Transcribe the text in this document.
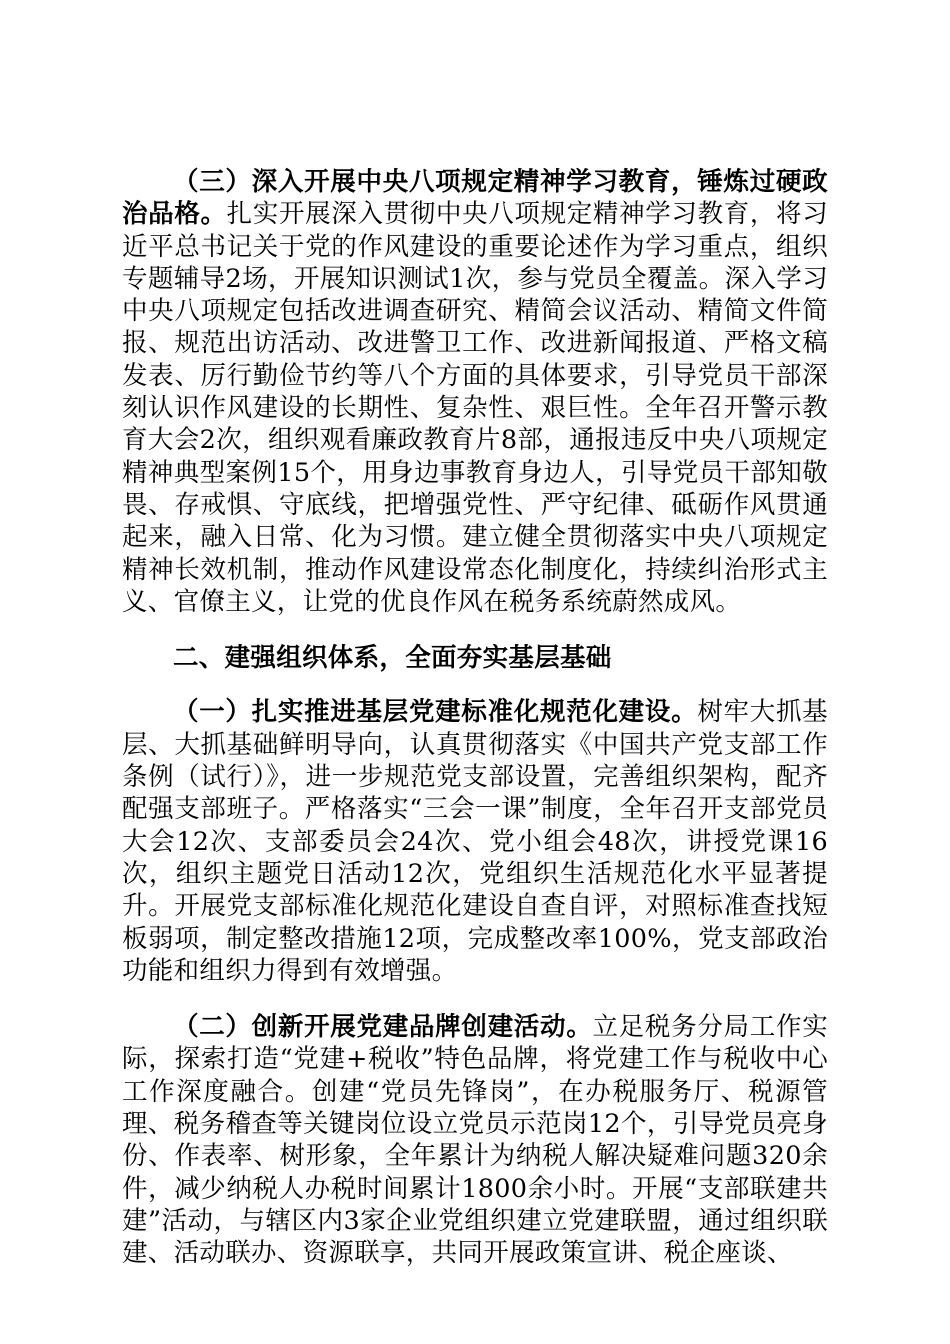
（三）深入开展中央八项规定精神学习教育，锤炼过硬政治品格。扎实开展深入贯彻中央八项规定精神学习教育，将习近平总书记关于党的作风建设的重要论述作为学习重点，组织专题辅导2场，开展知识测试1次，参与党员全覆盖。深入学习中央八项规定包括改进调查研究、精简会议活动、精简文件简报、规范出访活动、改进警卫工作、改进新闻报道、严格文稿发表、厉行勤俭节约等八个方面的具体要求，引导党员干部深刻认识作风建设的长期性、复杂性、艰巨性。全年召开警示教育大会2次，组织观看廉政教育片8部，通报违反中央八项规定精神典型案例15个，用身边事教育身边人，引导党员干部知敬畏、存戒惧、守底线，把增强党性、严守纪律、砥砺作风贯通起来，融入日常、化为习惯。建立健全贯彻落实中央八项规定精神长效机制，推动作风建设常态化制度化，持续纠治形式主义、官僚主义，让党的优良作风在税务系统蔚然成风。

二、建强组织体系，全面夯实基层基础

（一）扎实推进基层党建标准化规范化建设。树牢大抓基层、大抓基础鲜明导向，认真贯彻落实《中国共产党支部工作条例（试行）》，进一步规范党支部设置，完善组织架构，配齐配强支部班子。严格落实“三会一课”制度，全年召开支部党员大会12次、支部委员会24次、党小组会48次，讲授党课16次，组织主题党日活动12次，党组织生活规范化水平显著提升。开展党支部标准化规范化建设自查自评，对照标准查找短板弱项，制定整改措施12项，完成整改率100%，党支部政治功能和组织力得到有效增强。

（二）创新开展党建品牌创建活动。立足税务分局工作实际，探索打造“党建+税收”特色品牌，将党建工作与税收中心工作深度融合。创建“党员先锋岗”，在办税服务厅、税源管理、税务稽查等关键岗位设立党员示范岗12个，引导党员亮身份、作表率、树形象，全年累计为纳税人解决疑难问题320余件，减少纳税人办税时间累计1800余小时。开展“支部联建共建”活动，与辖区内3家企业党组织建立党建联盟，通过组织联建、活动联办、资源联享，共同开展政策宣讲、税企座谈、
